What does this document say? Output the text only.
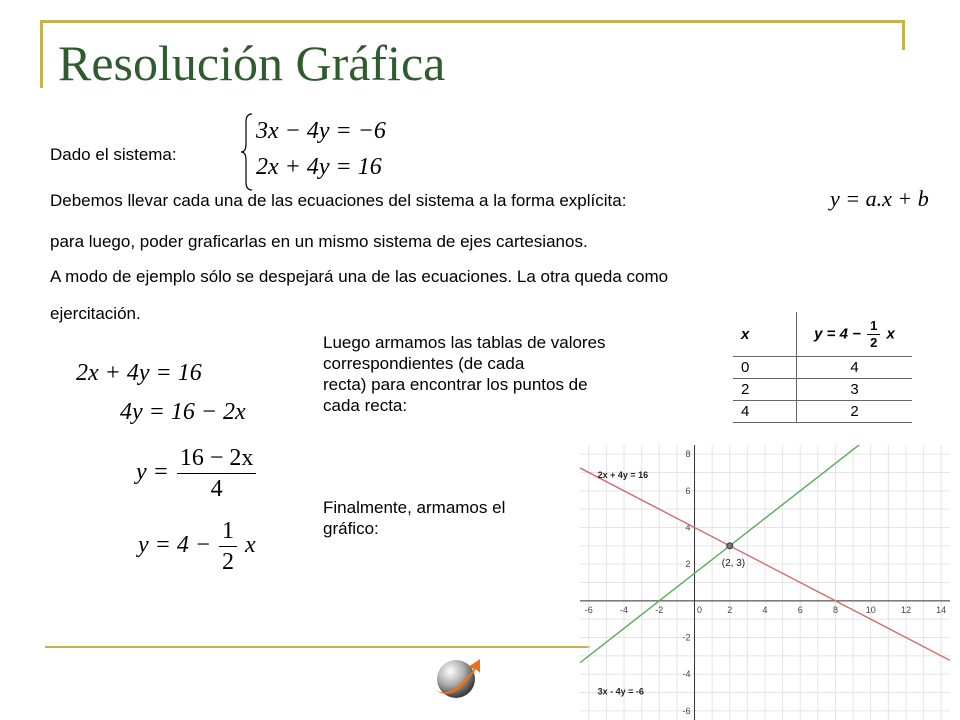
Resolución Gráfica
Dado el sistema:
3x − 4y = −6
2x + 4y = 16
Debemos llevar cada una de las ecuaciones del sistema a la forma explícita:	y = a.x + b
para luego, poder graficarlas en un mismo sistema de ejes cartesianos.
A modo de ejemplo sólo se despejará una de las ecuaciones. La otra queda como
ejercitación.
2x + 4y = 16
4y = 16 − 2x
$y = \frac{16 - 2x}{4}$
$y = 4 - \frac{1}{2}$ x
Luego armamos las tablas de valores
correspondientes (de cada
recta) para encontrar los puntos de
cada recta:
Finalmente, armamos el
gráfico:
x	$y = 4 - \frac{1}{2}$ x
0	4
2	3
4	2
-6	-4	-2	0	2	4	6	8	10	12	14
8
6
4
2
-2
-4
-6
2x + 4y = 16
3x - 4y = -6
(2, 3)
